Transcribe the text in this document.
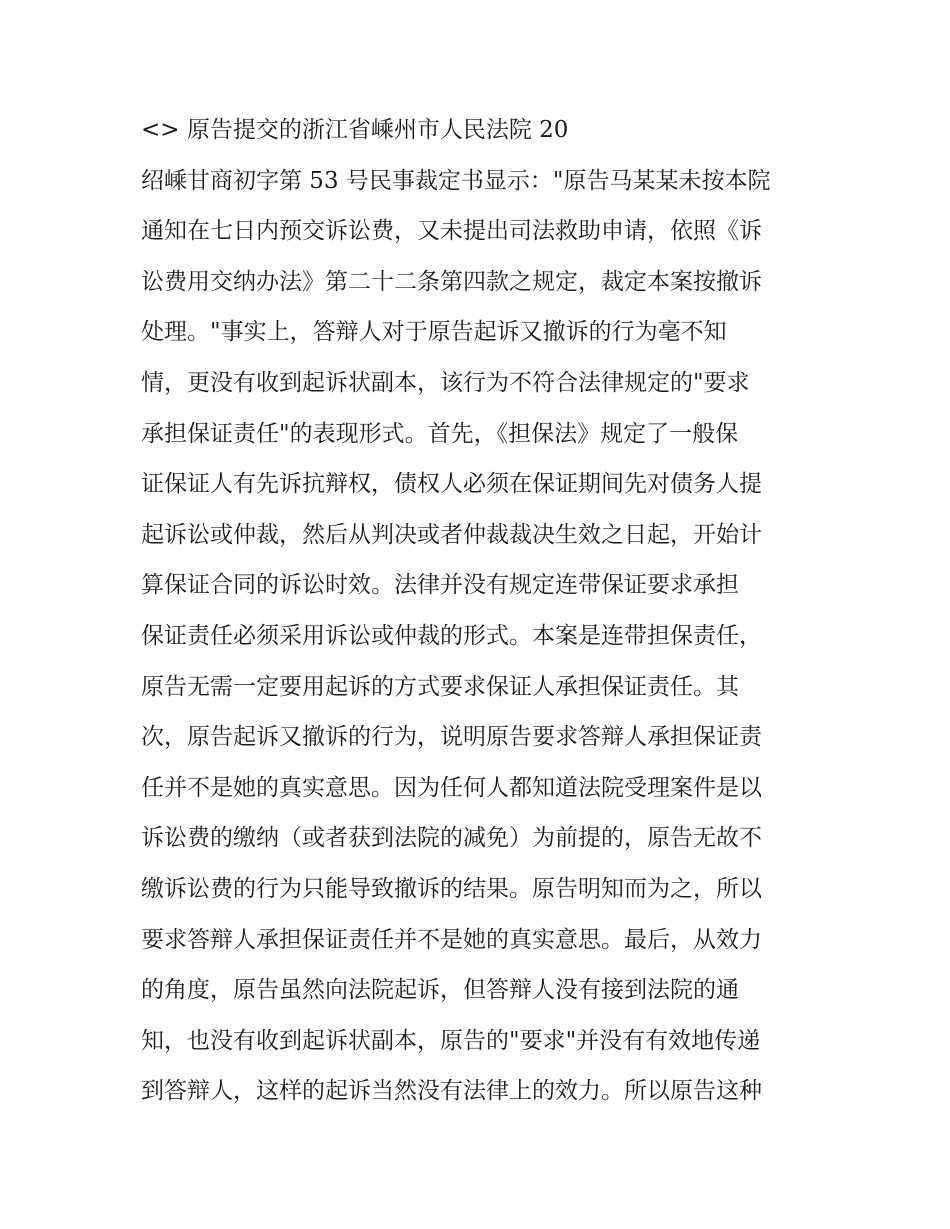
<> 原告提交的浙江省嵊州市人民法院 20
绍嵊甘商初字第 53 号民事裁定书显示："原告马某某未按本院
通知在七日内预交诉讼费，又未提出司法救助申请，依照《诉
讼费用交纳办法》第二十二条第四款之规定，裁定本案按撤诉
处理。"事实上，答辩人对于原告起诉又撤诉的行为毫不知
情，更没有收到起诉状副本，该行为不符合法律规定的"要求
承担保证责任"的表现形式。首先，《担保法》规定了一般保
证保证人有先诉抗辩权，债权人必须在保证期间先对债务人提
起诉讼或仲裁，然后从判决或者仲裁裁决生效之日起，开始计
算保证合同的诉讼时效。法律并没有规定连带保证要求承担
保证责任必须采用诉讼或仲裁的形式。本案是连带担保责任，
原告无需一定要用起诉的方式要求保证人承担保证责任。其
次，原告起诉又撤诉的行为，说明原告要求答辩人承担保证责
任并不是她的真实意思。因为任何人都知道法院受理案件是以
诉讼费的缴纳（或者获到法院的减免）为前提的，原告无故不
缴诉讼费的行为只能导致撤诉的结果。原告明知而为之，所以
要求答辩人承担保证责任并不是她的真实意思。最后，从效力
的角度，原告虽然向法院起诉，但答辩人没有接到法院的通
知，也没有收到起诉状副本，原告的"要求"并没有有效地传递
到答辩人，这样的起诉当然没有法律上的效力。所以原告这种
